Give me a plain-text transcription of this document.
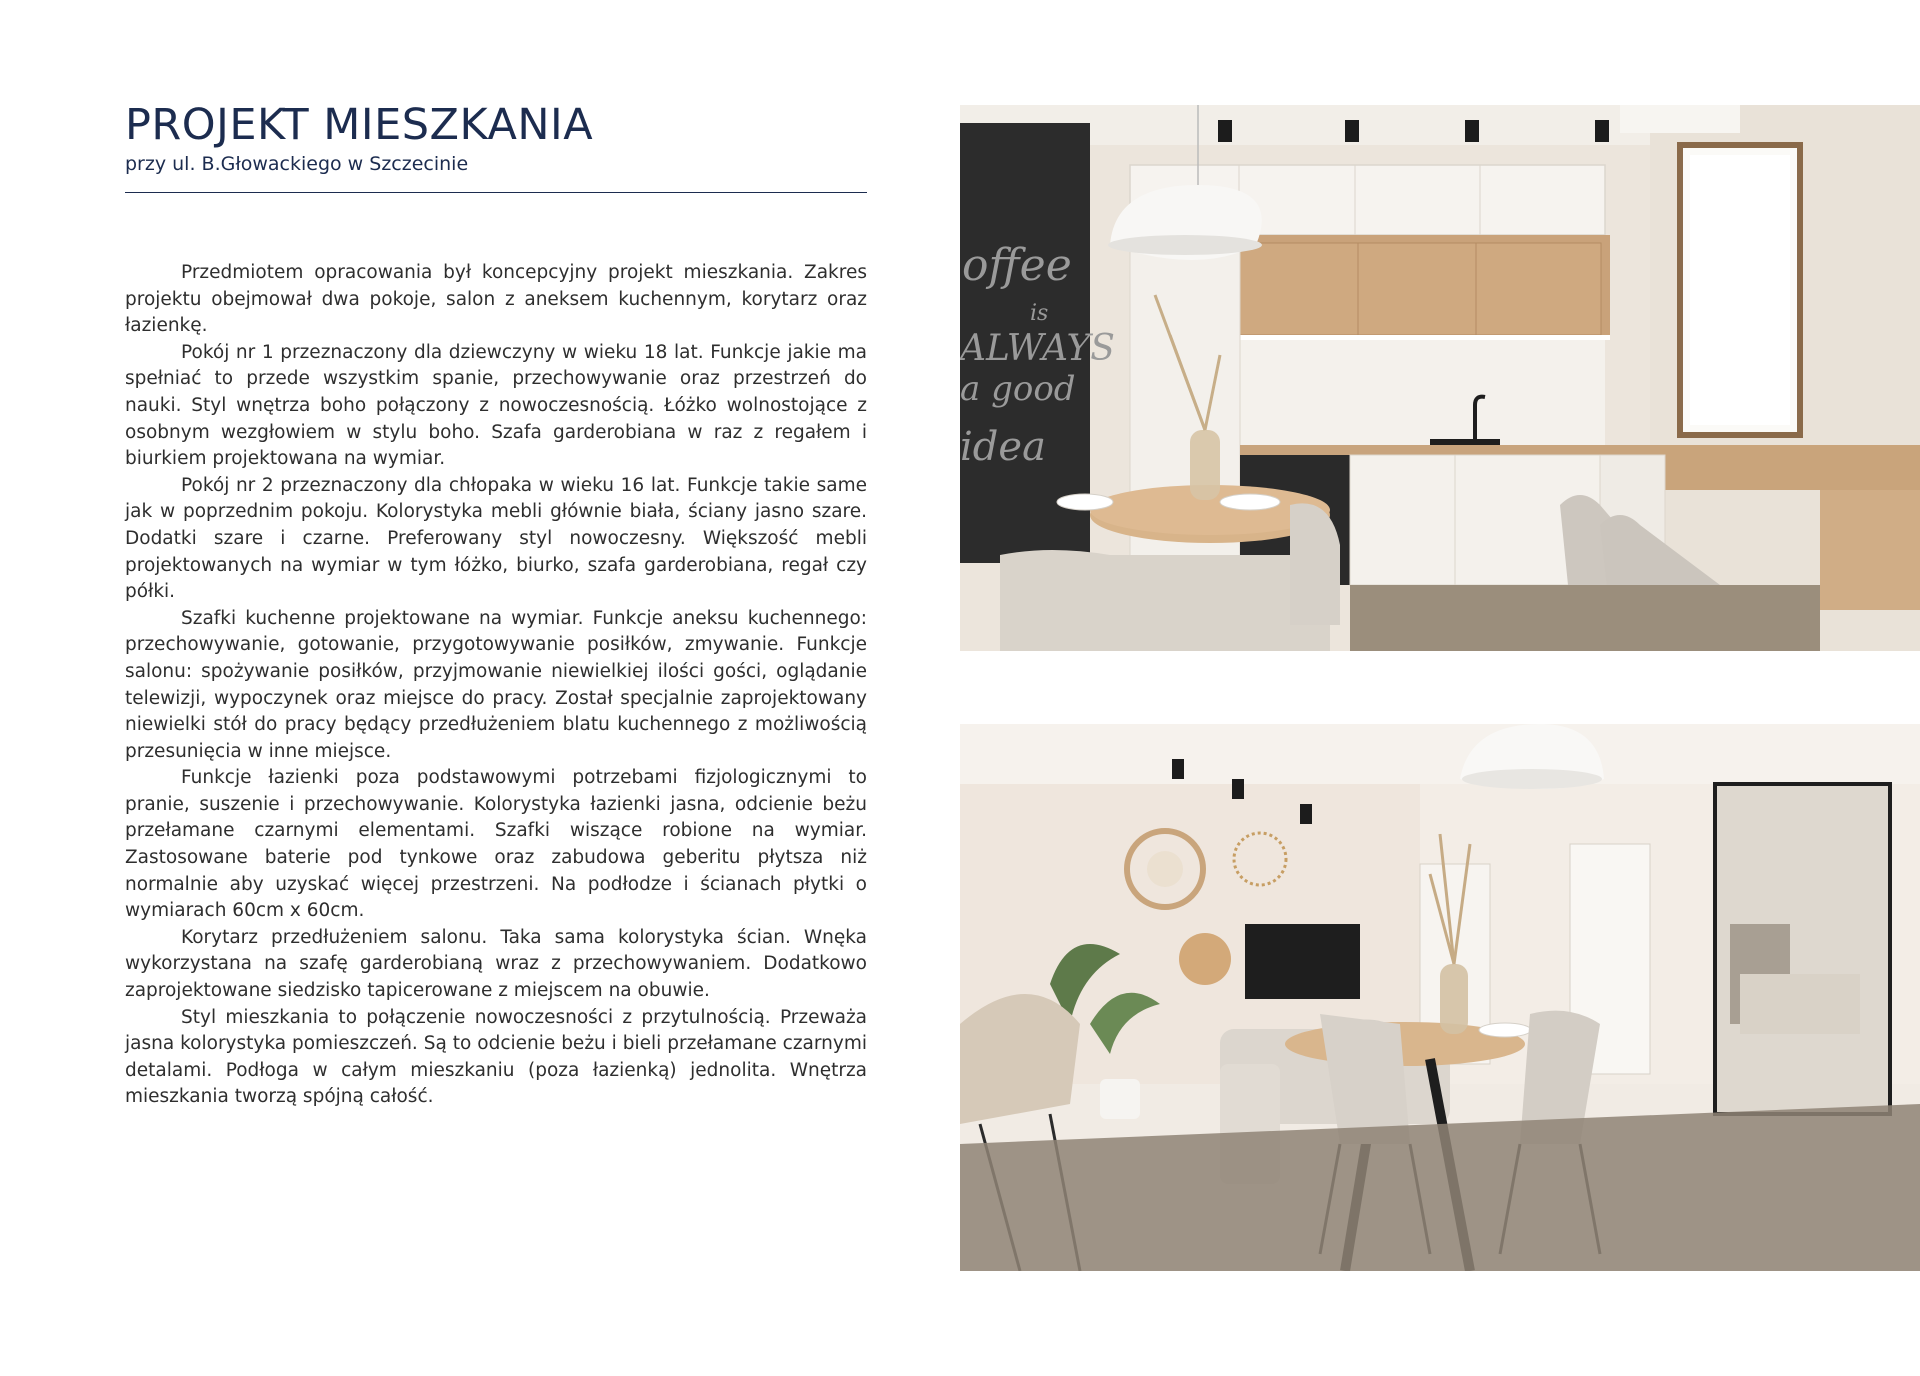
PROJEKT MIESZKANIA

przy ul. B.Głowackiego w Szczecinie

Przedmiotem opracowania był koncepcyjny projekt mieszkania. Zakres projektu obejmował dwa pokoje, salon z aneksem kuchennym, korytarz oraz łazienkę.

Pokój nr 1 przeznaczony dla dziewczyny w wieku 18 lat. Funkcje jakie ma spełniać to przede wszystkim spanie, przechowywanie oraz przestrzeń do nauki. Styl wnętrza boho połączony z nowoczesnością. Łóżko wolnostojące z osobnym wezgłowiem w stylu boho. Szafa garderobiana w raz z regałem i biurkiem projektowana na wymiar.

Pokój nr 2 przeznaczony dla chłopaka w wieku 16 lat. Funkcje takie same jak w poprzednim pokoju. Kolorystyka mebli głównie biała, ściany jasno szare. Dodatki szare i czarne. Preferowany styl nowoczesny. Większość mebli projektowanych na wymiar w tym łóżko, biurko, szafa garderobiana, regał czy półki.

Szafki kuchenne projektowane na wymiar. Funkcje aneksu kuchennego: przechowywanie, gotowanie, przygotowywanie posiłków, zmywanie. Funkcje salonu: spożywanie posiłków, przyjmowanie niewielkiej ilości gości, oglądanie telewizji, wypoczynek oraz miejsce do pracy. Został specjalnie zaprojektowany niewielki stół do pracy będący przedłużeniem blatu kuchennego z możliwością przesunięcia w inne miejsce.

Funkcje łazienki poza podstawowymi potrzebami fizjologicznymi to pranie, suszenie i przechowywanie. Kolorystyka łazienki jasna, odcienie beżu przełamane czarnymi elementami. Szafki wiszące robione na wymiar. Zastosowane baterie pod tynkowe oraz zabudowa geberitu płytsza niż normalnie aby uzyskać więcej przestrzeni. Na podłodze i ścianach płytki o wymiarach 60cm x 60cm.

Korytarz przedłużeniem salonu. Taka sama kolorystyka ścian. Wnęka wykorzystana na szafę garderobianą wraz z przechowywaniem. Dodatkowo zaprojektowane siedzisko tapicerowane z miejscem na obuwie.

Styl mieszkania to połączenie nowoczesności z przytulnością. Przeważa jasna kolorystyka pomieszczeń. Są to odcienie beżu i bieli przełamane czarnymi detalami. Podłoga w całym mieszkaniu (poza łazienką) jednolita. Wnętrza mieszkania tworzą spójną całość.

offee
is
ALWAYS
a good
idea
